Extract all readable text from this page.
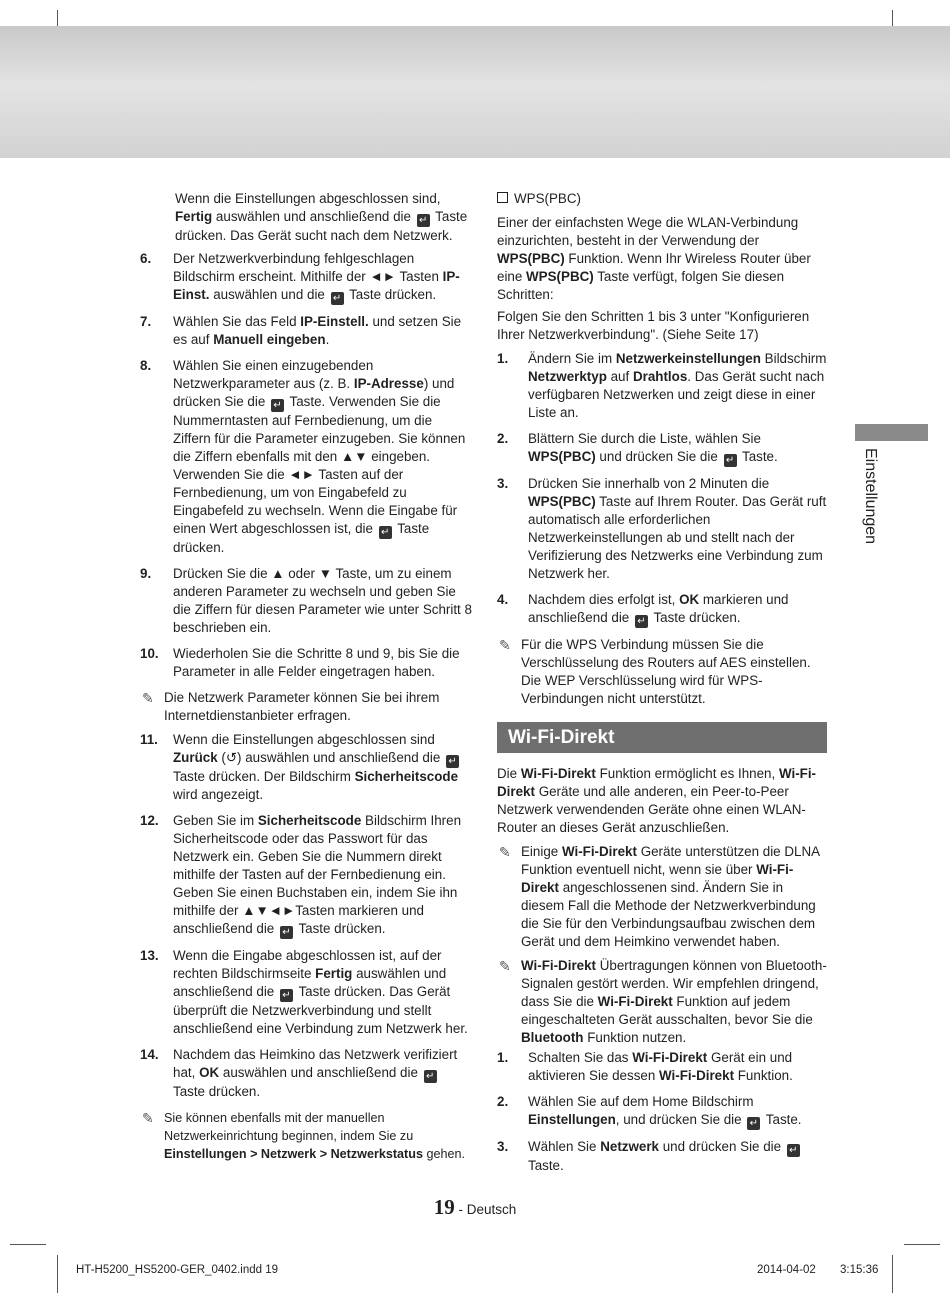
Wenn die Einstellungen abgeschlossen sind, Fertig auswählen und anschließend die ↵ Taste drücken. Das Gerät sucht nach dem Netzwerk.

6. Der Netzwerkverbindung fehlgeschlagen Bildschirm erscheint. Mithilfe der ◄► Tasten IP-Einst. auswählen und die ↵ Taste drücken.
7. Wählen Sie das Feld IP-Einstell. und setzen Sie es auf Manuell eingeben.
8. Wählen Sie einen einzugebenden Netzwerkparameter aus (z. B. IP-Adresse) und drücken Sie die ↵ Taste. Verwenden Sie die Nummerntasten auf Fernbedienung, um die Ziffern für die Parameter einzugeben. Sie können die Ziffern ebenfalls mit den ▲▼ eingeben. Verwenden Sie die ◄► Tasten auf der Fernbedienung, um von Eingabefeld zu Eingabefeld zu wechseln. Wenn die Eingabe für einen Wert abgeschlossen ist, die ↵ Taste drücken.
9. Drücken Sie die ▲ oder ▼ Taste, um zu einem anderen Parameter zu wechseln und geben Sie die Ziffern für diesen Parameter wie unter Schritt 8 beschrieben ein.
10. Wiederholen Sie die Schritte 8 und 9, bis Sie die Parameter in alle Felder eingetragen haben.
✎ Die Netzwerk Parameter können Sie bei ihrem Internetdienstanbieter erfragen.
11. Wenn die Einstellungen abgeschlossen sind Zurück (↺) auswählen und anschließend die ↵ Taste drücken. Der Bildschirm Sicherheitscode wird angezeigt.
12. Geben Sie im Sicherheitscode Bildschirm Ihren Sicherheitscode oder das Passwort für das Netzwerk ein. Geben Sie die Nummern direkt mithilfe der Tasten auf der Fernbedienung ein. Geben Sie einen Buchstaben ein, indem Sie ihn mithilfe der ▲▼◄►Tasten markieren und anschließend die ↵ Taste drücken.
13. Wenn die Eingabe abgeschlossen ist, auf der rechten Bildschirmseite Fertig auswählen und anschließend die ↵ Taste drücken. Das Gerät überprüft die Netzwerkverbindung und stellt anschließend eine Verbindung zum Netzwerk her.
14. Nachdem das Heimkino das Netzwerk verifiziert hat, OK auswählen und anschließend die ↵ Taste drücken.
✎ Sie können ebenfalls mit der manuellen Netzwerkeinrichtung beginnen, indem Sie zu Einstellungen > Netzwerk > Netzwerkstatus gehen.
WPS(PBC)

Einer der einfachsten Wege die WLAN-Verbindung einzurichten, besteht in der Verwendung der WPS(PBC) Funktion. Wenn Ihr Wireless Router über eine WPS(PBC) Taste verfügt, folgen Sie diesen Schritten:

Folgen Sie den Schritten 1 bis 3 unter "Konfigurieren Ihrer Netzwerkverbindung". (Siehe Seite 17)

1. Ändern Sie im Netzwerkeinstellungen Bildschirm Netzwerktyp auf Drahtlos. Das Gerät sucht nach verfügbaren Netzwerken und zeigt diese in einer Liste an.
2. Blättern Sie durch die Liste, wählen Sie WPS(PBC) und drücken Sie die ↵ Taste.
3. Drücken Sie innerhalb von 2 Minuten die WPS(PBC) Taste auf Ihrem Router. Das Gerät ruft automatisch alle erforderlichen Netzwerkeinstellungen ab und stellt nach der Verifizierung des Netzwerks eine Verbindung zum Netzwerk her.
4. Nachdem dies erfolgt ist, OK markieren und anschließend die ↵ Taste drücken.
✎ Für die WPS Verbindung müssen Sie die Verschlüsselung des Routers auf AES einstellen. Die WEP Verschlüsselung wird für WPS-Verbindungen nicht unterstützt.
Wi-Fi-Direkt

Die Wi-Fi-Direkt Funktion ermöglicht es Ihnen, Wi-Fi-Direkt Geräte und alle anderen, ein Peer-to-Peer Netzwerk verwendenden Geräte ohne einen WLAN-Router an dieses Gerät anzuschließen.

✎ Einige Wi-Fi-Direkt Geräte unterstützen die DLNA Funktion eventuell nicht, wenn sie über Wi-Fi-Direkt angeschlossenen sind. Ändern Sie in diesem Fall die Methode der Netzwerkverbindung die Sie für den Verbindungsaufbau zwischen dem Gerät und dem Heimkino verwendet haben.
✎ Wi-Fi-Direkt Übertragungen können von Bluetooth-Signalen gestört werden. Wir empfehlen dringend, dass Sie die Wi-Fi-Direkt Funktion auf jedem eingeschalteten Gerät ausschalten, bevor Sie die Bluetooth Funktion nutzen.
1. Schalten Sie das Wi-Fi-Direkt Gerät ein und aktivieren Sie dessen Wi-Fi-Direkt Funktion.
2. Wählen Sie auf dem Home Bildschirm Einstellungen, und drücken Sie die ↵ Taste.
3. Wählen Sie Netzwerk und drücken Sie die ↵ Taste.
Einstellungen
19 - Deutsch
HT-H5200_HS5200-GER_0402.indd 19	2014-04-02 3:15:36
